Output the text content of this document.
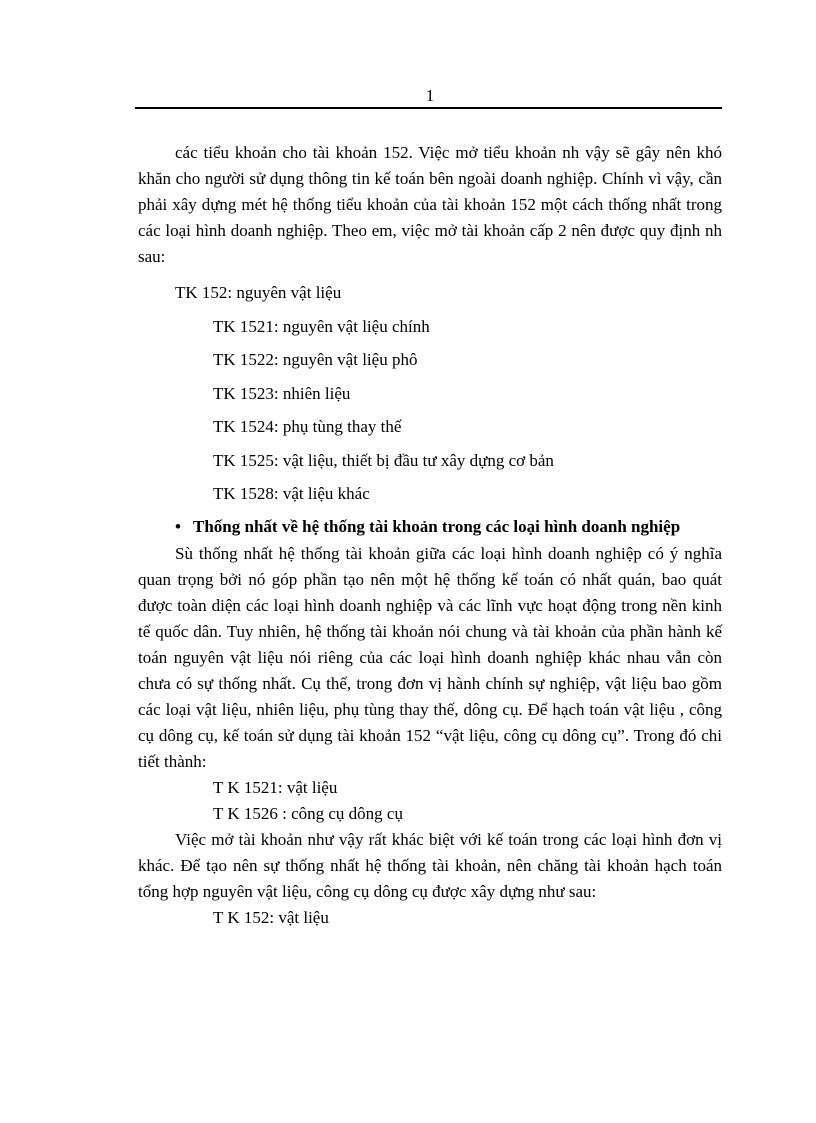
1

các tiểu khoản cho tài khoản 152. Việc mở tiểu khoản nh vậy sẽ gây nên khó khăn cho người sử dụng thông tin kế toán bên ngoài doanh nghiệp. Chính vì vậy, cần phải xây dựng mét hệ thống tiểu khoản của tài khoản 152 một cách thống nhất trong các loại hình doanh nghiệp. Theo em, việc mở tài khoản cấp 2 nên được quy định nh sau:

TK 152: nguyên vật liệu
TK 1521: nguyên vật liệu chính
TK 1522: nguyên vật liệu phô
TK 1523: nhiên liệu
TK 1524: phụ tùng thay thế
TK 1525: vật liệu, thiết bị đầu tư xây dựng cơ bản
TK 1528: vật liệu khác

• Thống nhất về hệ thống tài khoản trong các loại hình doanh nghiệp

Sù thống nhất hệ thống tài khoản giữa các loại hình doanh nghiệp có ý nghĩa quan trọng bởi nó góp phần tạo nên một hệ thống kế toán có nhất quán, bao quát được toàn diện các loại hình doanh nghiệp và các lĩnh vực hoạt động trong nền kinh tế quốc dân. Tuy nhiên, hệ thống tài khoản nói chung và tài khoản của phần hành kế toán nguyên vật liệu nói riêng của các loại hình doanh nghiệp khác nhau vẫn còn chưa có sự thống nhất. Cụ thể, trong đơn vị hành chính sự nghiệp, vật liệu bao gồm các loại vật liệu, nhiên liệu, phụ tùng thay thế, dông cụ. Để hạch toán vật liệu , công cụ dông cụ, kế toán sử dụng tài khoản 152 “vật liệu, công cụ dông cụ”. Trong đó chi tiết thành:

T K 1521: vật liệu
T K 1526 : công cụ dông cụ

Việc mở tài khoản như vậy rất khác biệt với kế toán trong các loại hình đơn vị khác. Để tạo nên sự thống nhất hệ thống tài khoản, nên chăng tài khoản hạch toán tổng hợp nguyên vật liệu, công cụ dông cụ được xây dựng như sau:

T K 152: vật liệu
